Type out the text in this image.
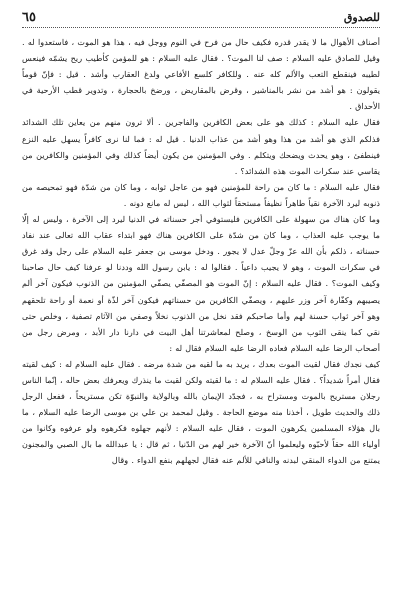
٦٥	للصدوق

أصناف الأهوال ما لا يقدر قدره فكيف حال من فرح في النوم ووجل فيه ، هذا هو الموت ، فاستعدوا له . وقيل للصادق عليه السلام : صف لنا الموت؟ . فقال عليه السلام : هو للمؤمن كأطيب ريح يشمّه فينعس لطيبه فينقطع التعب والألم كله عنه . وللكافر كلسع الأفاعي ولدغ العقارب وأشد . قيل : فإنّ قوماً يقولون : هو أشد من نشر بالمناشير ، وقرض بالمقاريض ، ورضخ بالحجارة ، وتدوير قطب الأرحية في الأحداق .

فقال عليه السلام : كذلك هو على بعض الكافرين والفاجرين . ألا ترون منهم من يعاين تلك الشدائد فذلكم الذي هو أشد من هذا وهو أشد من عذاب الدنيا . قيل له : فما لنا نرى كافراً يسهل عليه النزع فينطفئ ، وهو يحدث ويضحك ويتكلم . وفي المؤمنين من يكون أيضاً كذلك وفي المؤمنين والكافرين من يقاسي عند سكرات الموت هذه الشدائد؟ .

فقال عليه السلام : ما كان من راحة للمؤمنين فهو من عاجل ثوابه ، وما كان من شدّة فهو تمحيصه من ذنوبه ليرد الآخرة نقياً طاهراً نظيفاً مستحقاً لثواب الله ، ليس له مانع دونه .

وما كان هناك من سهولة على الكافرين فليستوفي أجر حسناته في الدنيا ليرد إلى الآخرة ، وليس له إلّا ما يوجب عليه العذاب ، وما كان من شدّة على الكافرين هناك فهو ابتداء عقاب الله تعالى عند نفاد حسناته ، ذلكم بأن الله عزّ وجلّ عدل لا يجور . ودخل موسى بن جعفر عليه السلام على رجل وقد غرق في سكرات الموت ، وهو لا يجيب داعياً . فقالوا له : يابن رسول الله وددنا لو عرفنا كيف حال صاحبنا وكيف الموت؟ . فقال عليه السلام : إنّ الموت هو المصفّي يصفّي المؤمنين من الذنوب فيكون آخر ألم يصيبهم وكفّارة آخر وزر عليهم ، ويصفّي الكافرين من حسناتهم فيكون آخر لذّة أو نعمة أو راحة تلحقهم وهو آخر ثواب حسنة لهم وأما صاحبكم فقد نخل من الذنوب نخلاً وصفي من الآثام تصفية ، وخلص حتى نقي كما ينقى الثوب من الوسخ ، وصلح لمعاشرتنا أهل البيت في دارنا دار الأبد ، ومرض رجل من أصحاب الرضا عليه السلام فعاده الرضا عليه السلام فقال له :

كيف نجدك فقال لقيت الموت بعدك ، يريد به ما لقيه من شدة مرضه . فقال عليه السلام له : كيف لقيته فقال أمراً شديداً؟ . فقال عليه السلام له : ما لقيته ولكن لقيت ما ينذرك ويعرفك بعض حاله ، إنّما الناس رجلان مستريح بالموت ومستراح به ، فجدّد الإيمان بالله وبالولاية والنبوّة تكن مستريحاً ، ففعل الرجل ذلك والحديث طويل ، أخذنا منه موضع الحاجة . وقيل لمحمد بن علي بن موسى الرضا عليه السلام ، ما بال هؤلاء المسلمين يكرهون الموت ، فقال عليه السلام : لأنهم جهلوه فكرهوه ولو عرفوه وكانوا من أولياء الله حقاً لأحبّوه وليعلموا أنّ الآخرة خير لهم من الدّنيا ، ثم قال : يا عبدالله ما بال الصبي والمجنون يمتنع من الدواء المنقي لبدنه والنافي للألم عنه فقال لجهلهم بنفع الدواء . وقال
